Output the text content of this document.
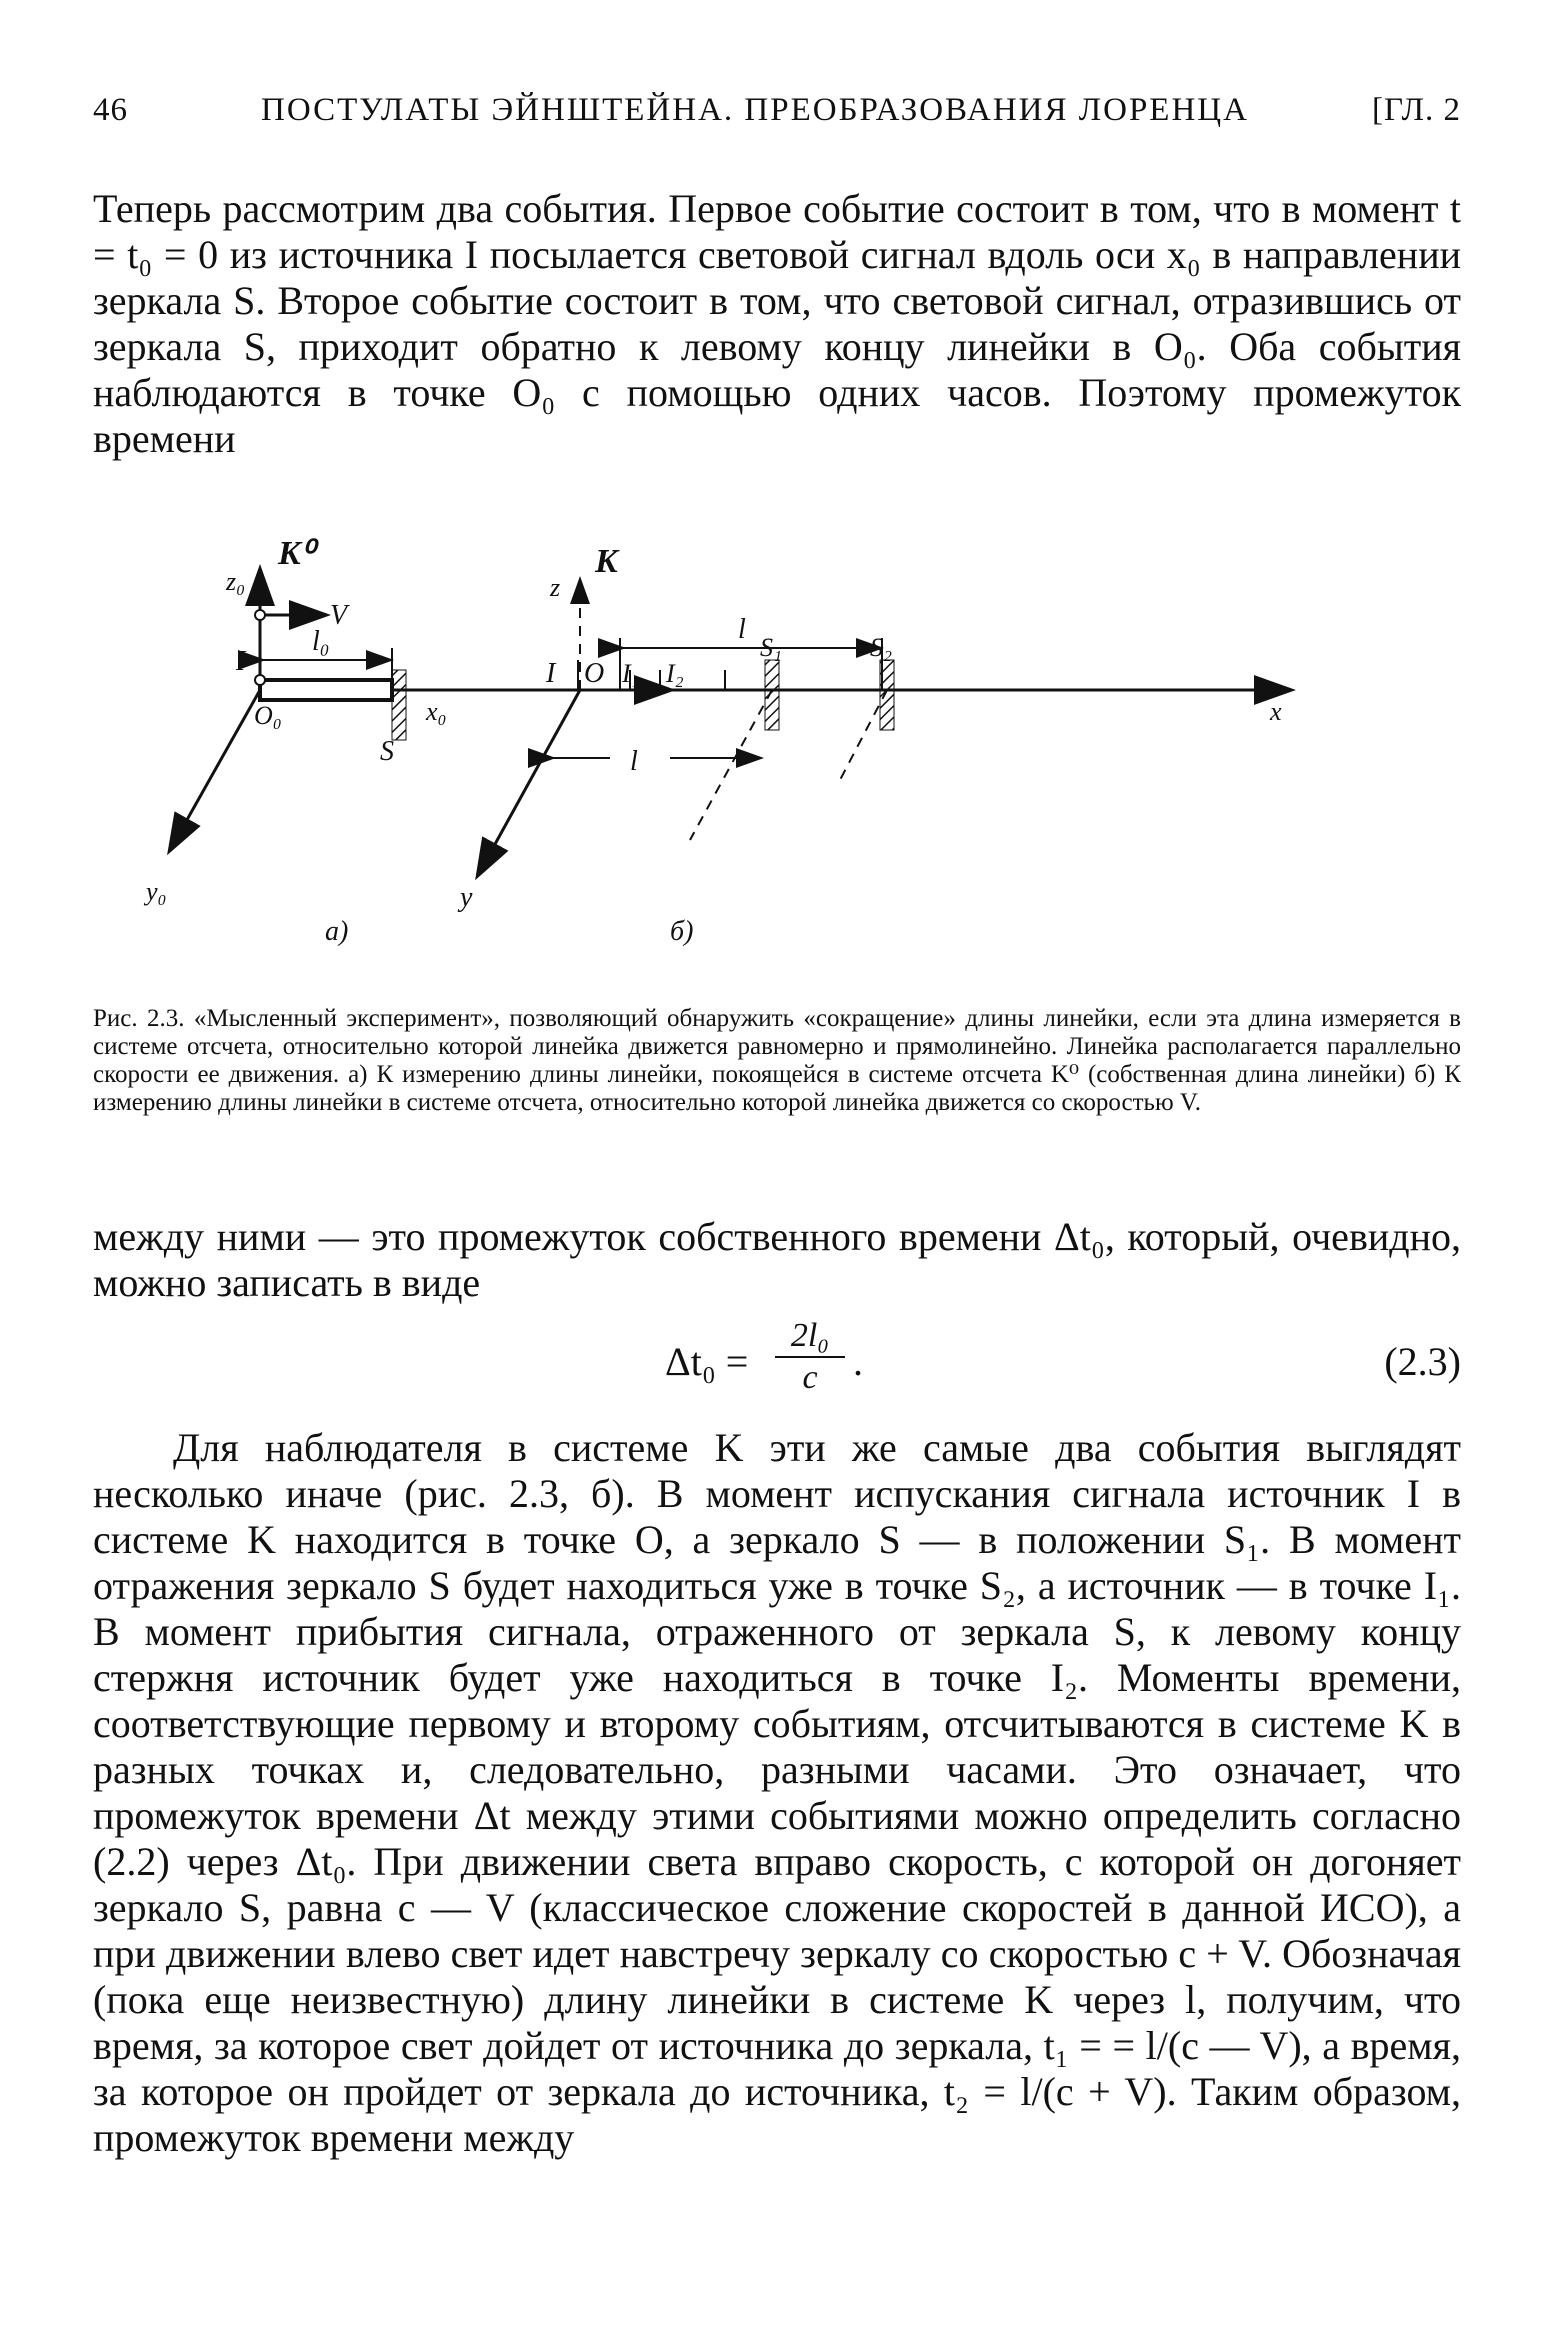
46	ПОСТУЛАТЫ ЭЙНШТЕЙНА. ПРЕОБРАЗОВАНИЯ ЛОРЕНЦА	[ГЛ. 2

Теперь рассмотрим два события. Первое событие состоит в том, что в момент t = t₀ = 0 из источника I посылается световой сигнал вдоль оси x₀ в направлении зеркала S. Второе событие состоит в том, что световой сигнал, отразившись от зеркала S, приходит обратно к левому концу линейки в O₀. Оба события наблюдаются в точке O₀ с помощью одних часов. Поэтому промежуток времени

K⁰
z₀
V
l₀
I
O₀
S
x₀
y₀
a)
K
z
l
S₁	S₂
I O I₁ I₂
l
x
y
б)

Рис. 2.3. «Мысленный эксперимент», позволяющий обнаружить «сокращение» длины линейки, если эта длина измеряется в системе отсчета, относительно которой линейка движется равномерно и прямолинейно. Линейка располагается параллельно скорости ее движения. а) К измерению длины линейки, покоящейся в системе отсчета K⁰ (собственная длина линейки) б) К измерению длины линейки в системе отсчета, относительно которой линейка движется со скоростью V.

между ними — это промежуток собственного времени Δt₀, который, очевидно, можно записать в виде

$\Delta t_0 = \frac{\text{2l₀}}{c}$ .	(2.3)

Для наблюдателя в системе K эти же самые два события выглядят несколько иначе (рис. 2.3, б). В момент испускания сигнала источник I в системе K находится в точке O, а зеркало S — в положении S₁. В момент отражения зеркало S будет находиться уже в точке S₂, а источник — в точке I₁. В момент прибытия сигнала, отраженного от зеркала S, к левому концу стержня источник будет уже находиться в точке I₂. Моменты времени, соответствующие первому и второму событиям, отсчитываются в системе K в разных точках и, следовательно, разными часами. Это означает, что промежуток времени Δt между этими событиями можно определить согласно (2.2) через Δt₀. При движении света вправо скорость, с которой он догоняет зеркало S, равна c — V (классическое сложение скоростей в данной ИСО), а при движении влево свет идет навстречу зеркалу со скоростью c + V. Обозначая (пока еще неизвестную) длину линейки в системе K через l, получим, что время, за которое свет дойдет от источника до зеркала, t₁ = = l/(c — V), а время, за которое он пройдет от зеркала до источника, t₂ = l/(c + V). Таким образом, промежуток времени между
